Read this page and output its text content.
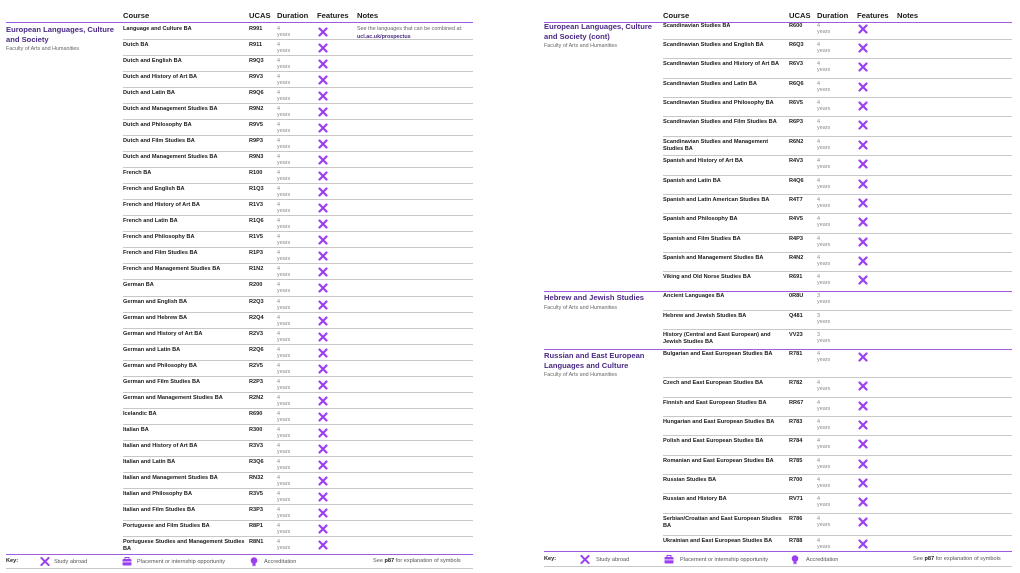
Course	UCAS Duration Features Notes
European Languages, Culture and Society
Faculty of Arts and Humanities
Language and Culture BA	R991	4 years
See the languages that can be combined at: ucl.ac.uk/prospectus
Dutch BA	R911	4 years
Dutch and English BA	R9Q3 4 years
Dutch and History of Art BA	R9V3	4 years
Dutch and Latin BA	R9Q6 4 years
Dutch and Management Studies BA	R9N2	4 years
Dutch and Philosophy BA	R9V5	4 years
Dutch and Film Studies BA	R9P3	4 years
Dutch and Management Studies BA	R9N3	4 years
French BA	R100	4 years
French and English BA	R1Q3 4 years
French and History of Art BA	R1V3	4 years
French and Latin BA	R1Q6 4 years
French and Philosophy BA	R1V5	4 years
French and Film Studies BA	R1P3	4 years
French and Management Studies BA	R1N2	4 years
German BA	R200	4 years
German and English BA	R2Q3 4 years
German and Hebrew BA	R2Q4 4 years
German and History of Art BA	R2V3	4 years
German and Latin BA	R2Q6 4 years
German and Philosophy BA	R2V5	4 years
German and Film Studies BA	R2P3	4 years
German and Management Studies BA	R2N2	4 years
Icelandic BA	R690	4 years
Italian BA	R300	4 years
Italian and History of Art BA	R3V3	4 years
Italian and Latin BA	R3Q6 4 years
Italian and Management Studies BA	RN32	4 years
Italian and Philosophy BA	R3V5	4 years
Italian and Film Studies BA	R3P3	4 years
Portuguese and Film Studies BA	R8P1	4 years
Portuguese Studies and Management Studies BA
R8N1	4 years
Key:	Study abroad	Placement or internship opportunity	Accreditation	See p87 for explanation of symbols
Course	UCAS Duration Features Notes
European Languages, Culture and Society (cont)
Faculty of Arts and Humanities
Hebrew and Jewish Studies
Faculty of Arts and Humanities
Russian and East European Languages and Culture
Faculty of Arts and Humanities
Scandinavian Studies BA	R600	4 years
Scandinavian Studies and English BA	R6Q3 4 years
Scandinavian Studies and History of Art BA	R6V3	4 years
Scandinavian Studies and Latin BA	R6Q6 4 years
Scandinavian Studies and Philosophy BA	R6V5	4 years
Scandinavian Studies and Film Studies BA	R6P3	4 years
Scandinavian Studies and Management Studies BA
R6N2	4 years
Spanish and History of Art BA	R4V3	4 years
Spanish and Latin BA	R4Q6 4 years
Spanish and Latin American Studies BA	R4T7	4 years
Spanish and Philosophy BA	R4V5	4 years
Spanish and Film Studies BA	R4P3	4 years
Spanish and Management Studies BA	R4N2	4 years
Viking and Old Norse Studies BA	R691	4 years
Ancient Languages BA	0R8U	3 years
Hebrew and Jewish Studies BA	Q481	3 years
History (Central and East European) and Jewish Studies BA
VV23	3 years
Bulgarian and East European Studies BA	R781	4 years
Czech and East European Studies BA	R782	4 years
Finnish and East European Studies BA	RR67	4 years
Hungarian and East European Studies BA	R783	4 years
Polish and East European Studies BA	R784	4 years
Romanian and East European Studies BA	R785	4 years
Russian Studies BA	R700	4 years
Russian and History BA	RV71	4 years
Serbian/Croatian and East European Studies BA
R786	4 years
Ukrainian and East European Studies BA	R788	4 years
Key:	Study abroad	Placement or internship opportunity	Accreditation	See p87 for explanation of symbols
